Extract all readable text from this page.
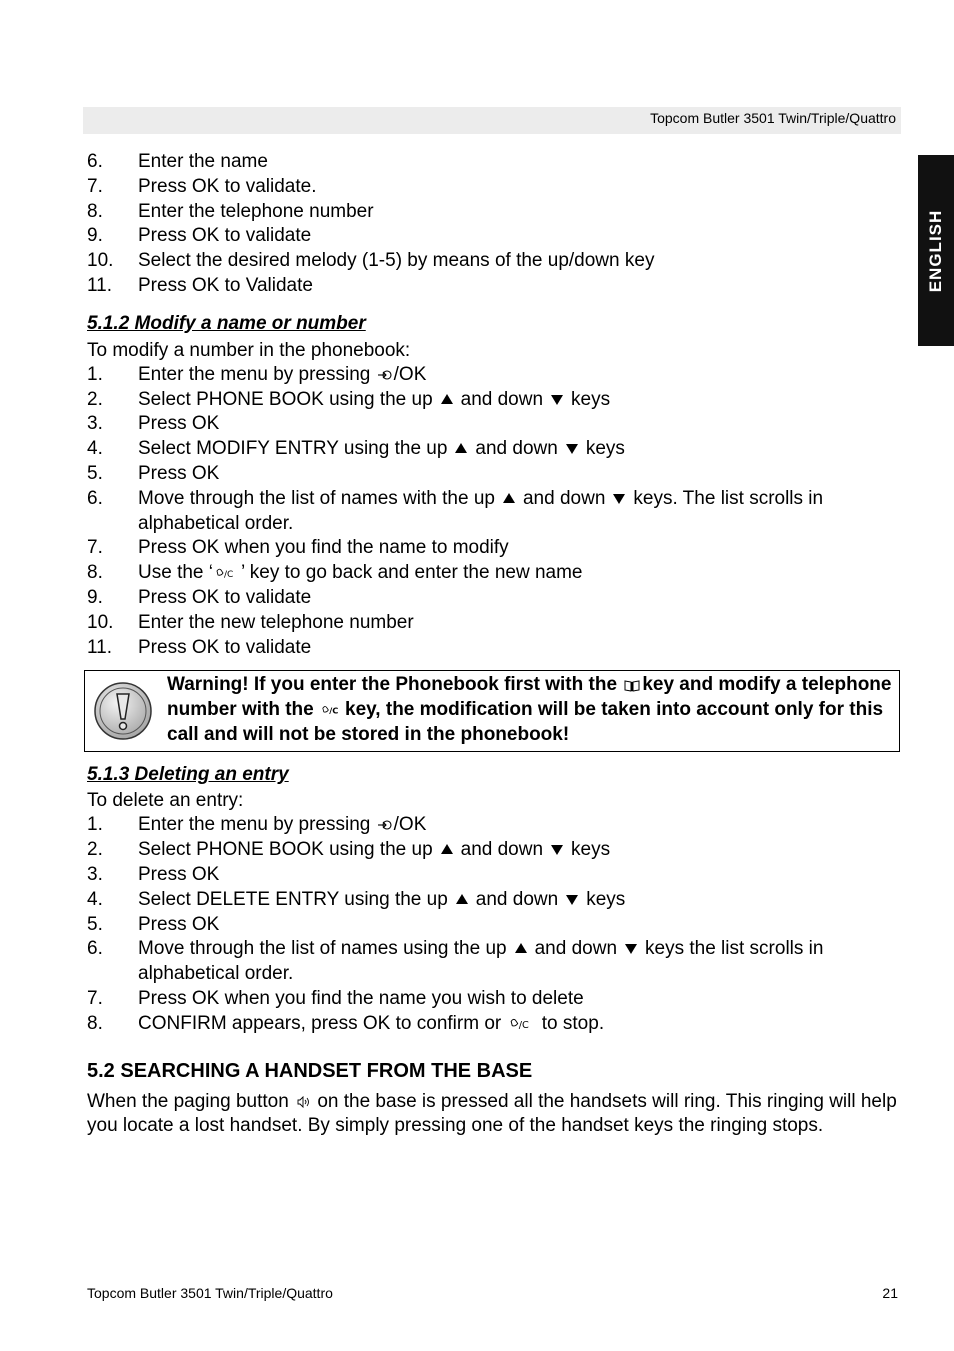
Topcom Butler 3501 Twin/Triple/Quattro
ENGLISH
6.	Enter the name
7.	Press OK to validate.
8.	Enter the telephone number
9.	Press OK to validate
10.	Select the desired melody (1-5) by means of the up/down key
11.	Press OK to Validate
5.1.2 Modify a name or number
To modify a number in the phonebook:
1.	Enter the menu by pressing /OK
2.	Select PHONE BOOK using the up and down keys
3.	Press OK
4.	Select MODIFY ENTRY using the up and down keys
5.	Press OK
6.	Move through the list of names with the up and down keys. The list scrolls in alphabetical order.
7.	Press OK when you find the name to modify
8.	Use the ‘ /C ’ key to go back and enter the new name
9.	Press OK to validate
10.	Enter the new telephone number
11.	Press OK to validate
Warning! If you enter the Phonebook first with the key and modify a telephone number with the /C key, the modification will be taken into account only for this call and will not be stored in the phonebook!
5.1.3 Deleting an entry
To delete an entry:
1.	Enter the menu by pressing /OK
2.	Select PHONE BOOK using the up and down keys
3.	Press OK
4.	Select DELETE ENTRY using the up and down keys
5.	Press OK
6.	Move through the list of names using the up and down keys the list scrolls in alphabetical order.
7.	Press OK when you find the name you wish to delete
8.	CONFIRM appears, press OK to confirm or /C to stop.
5.2 SEARCHING A HANDSET FROM THE BASE
When the paging button on the base is pressed all the handsets will ring. This ringing will help you locate a lost handset. By simply pressing one of the handset keys the ringing stops.
Topcom Butler 3501 Twin/Triple/Quattro	21
